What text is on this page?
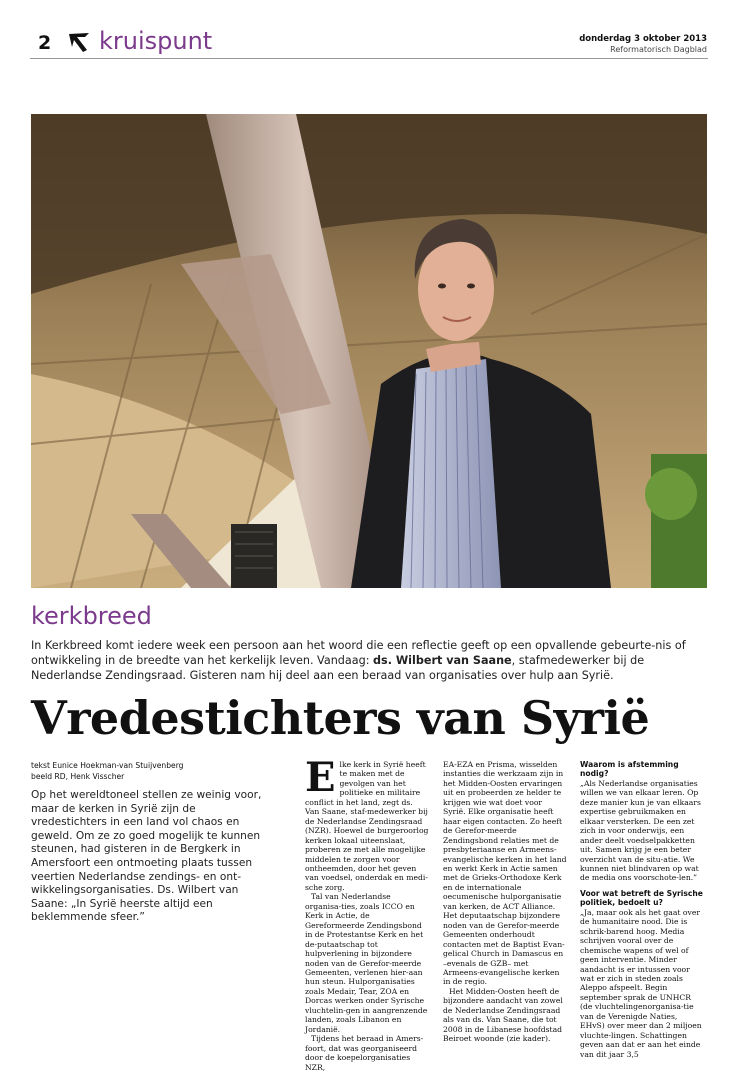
2 kruispunt	donderdag 3 oktober 2013
Reformatorisch Dagblad
kerkbreed
In Kerkbreed komt iedere week een persoon aan het woord die een reflectie geeft op een opvallende gebeurte-nis of ontwikkeling in de breedte van het kerkelijk leven. Vandaag: ds. Wilbert van Saane, stafmedewerker bij de Nederlandse Zendingsraad. Gisteren nam hij deel aan een beraad van organisaties over hulp aan Syrië.
Vredestichters van Syrië
tekst Eunice Hoekman-van Stuijvenberg
beeld RD, Henk Visscher
Op het wereldtoneel stellen ze weinig voor, maar de kerken in Syrië zijn de vredestichters in een land vol chaos en geweld. Om ze zo goed mogelijk te kunnen steunen, had gisteren in de Bergkerk in Amersfoort een ontmoeting plaats tussen veertien Nederlandse zendings- en ont-wikkelingsorganisaties. Ds. Wilbert van Saane: „In Syrië heerste altijd een beklemmende sfeer.”

Elke kerk in Syrië heeft te maken met de gevolgen van het politieke en militaire conflict in het land, zegt ds. Van Saane, staf-medewerker bij de Nederlandse Zendingsraad (NZR). Hoewel de burgeroorlog kerken lokaal uiteenslaat, proberen ze met alle mogelijke middelen te zorgen voor ontheemden, door het geven van voedsel, onderdak en medi-sche zorg.

Tal van Nederlandse organisa-ties, zoals ICCO en Kerk in Actie, de Gereformeerde Zendingsbond in de Protestantse Kerk en het de-putaatschap tot hulpverlening in bijzondere noden van de Gerefor-meerde Gemeenten, verlenen hier-aan hun steun. Hulporganisaties zoals Medair, Tear, ZOA en Dorcas werken onder Syrische vluchtelin-gen in aangrenzende landen, zoals Libanon en Jordanië.

Tijdens het beraad in Amers-foort, dat was georganiseerd door de koepelorganisaties NZR,

EA-EZA en Prisma, wisselden instanties die werkzaam zijn in het Midden-Oosten ervaringen uit en probeerden ze helder te krijgen wie wat doet voor Syrië. Elke organisatie heeft haar eigen contacten. Zo heeft de Gerefor-meerde Zendingsbond relaties met de presbyteriaanse en Armeens-evangelische kerken in het land en werkt Kerk in Actie samen met de Grieks-Orthodoxe Kerk en de internationale oecumenische hulporganisatie van kerken, de ACT Alliance. Het deputaatschap bijzondere noden van de Gerefor-meerde Gemeenten onderhoudt contacten met de Baptist Evan-gelical Church in Damascus en –evenals de GZB– met Armeens-evangelische kerken in de regio.

Het Midden-Oosten heeft de bijzondere aandacht van zowel de Nederlandse Zendingsraad als van ds. Van Saane, die tot 2008 in de Libanese hoofdstad Beiroet woonde (zie kader).

Waarom is afstemming nodig?

„Als Nederlandse organisaties willen we van elkaar leren. Op deze manier kun je van elkaars expertise gebruikmaken en elkaar versterken. De een zet zich in voor onderwijs, een ander deelt voedselpakketten uit. Samen krijg je een beter overzicht van de situ-atie. We kunnen niet blindvaren op wat de media ons voorschote-len.”

Voor wat betreft de Syrische politiek, bedoelt u?

„Ja, maar ook als het gaat over de humanitaire nood. Die is schrik-barend hoog. Media schrijven vooral over de chemische wapens of wel of geen interventie. Minder aandacht is er intussen voor wat er zich in steden zoals Aleppo afspeelt. Begin september sprak de UNHCR (de vluchtelingenorganisa-tie van de Verenigde Naties, EHvS) over meer dan 2 miljoen vluchte-lingen. Schattingen geven aan dat er aan het einde van dit jaar 3,5
